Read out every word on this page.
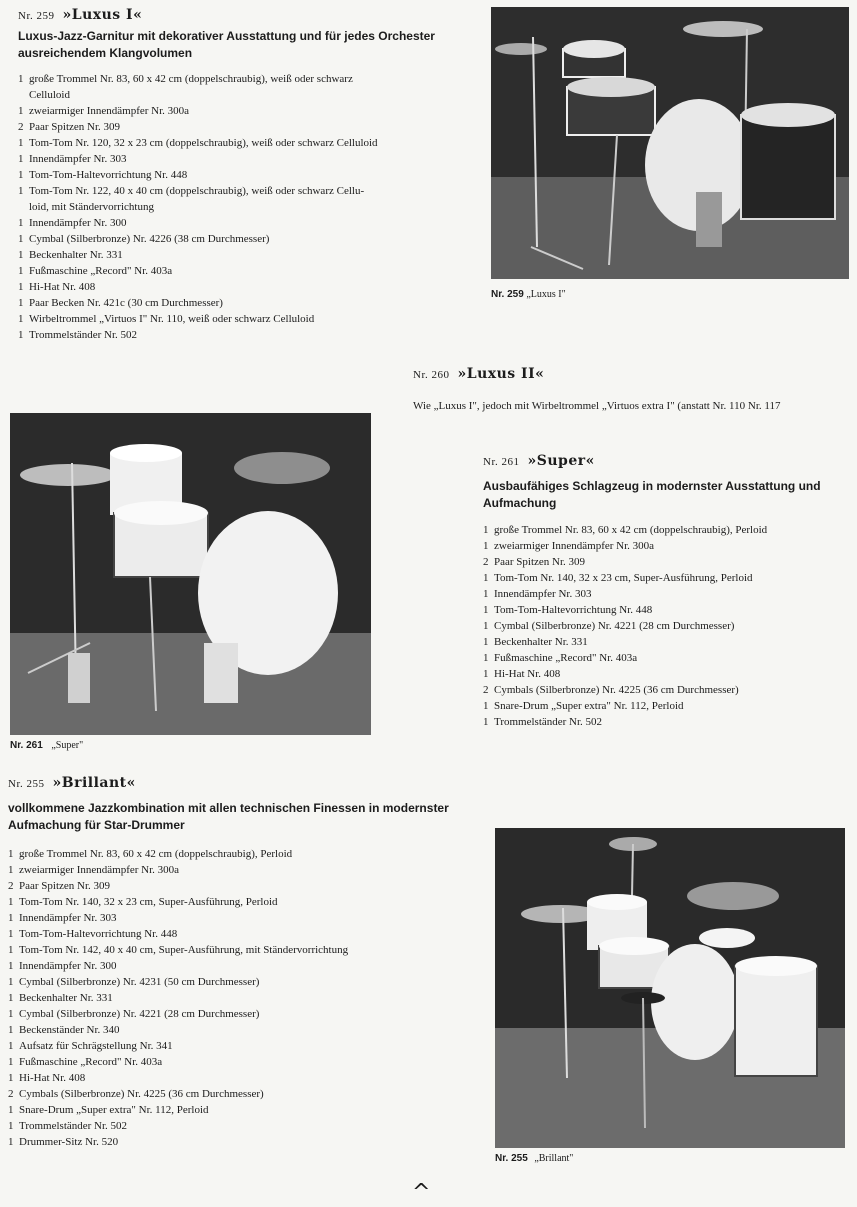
Nr. 259 »Luxus I«
Luxus-Jazz-Garnitur mit dekorativer Ausstattung und für jedes Orchester ausreichendem Klangvolumen
1 große Trommel Nr. 83, 60 x 42 cm (doppelschraubig), weiß oder schwarz
Celluloid
1 zweiarmiger Innendämpfer Nr. 300a
2 Paar Spitzen Nr. 309
1 Tom-Tom Nr. 120, 32 x 23 cm (doppelschraubig), weiß oder schwarz Celluloid
1 Innendämpfer Nr. 303
1 Tom-Tom-Haltevorrichtung Nr. 448
1 Tom-Tom Nr. 122, 40 x 40 cm (doppelschraubig), weiß oder schwarz Cellu-
loid, mit Ständervorrichtung
1 Innendämpfer Nr. 300
1 Cymbal (Silberbronze) Nr. 4226 (38 cm Durchmesser)
1 Beckenhalter Nr. 331
1 Fußmaschine „Record" Nr. 403a
1 Hi-Hat Nr. 408
1 Paar Becken Nr. 421c (30 cm Durchmesser)
1 Wirbeltrommel „Virtuos I" Nr. 110, weiß oder schwarz Celluloid
1 Trommelständer Nr. 502
Nr. 259 „Luxus I"
Nr. 260 »Luxus II«
Wie „Luxus I", jedoch mit Wirbeltrommel „Virtuos extra I" (anstatt Nr. 110 Nr. 117
Nr. 261 „Super"
Nr. 261 »Super«
Ausbaufähiges Schlagzeug in modernster Ausstattung und Aufmachung
1 große Trommel Nr. 83, 60 x 42 cm (doppelschraubig), Perloid
1 zweiarmiger Innendämpfer Nr. 300a
2 Paar Spitzen Nr. 309
1 Tom-Tom Nr. 140, 32 x 23 cm, Super-Ausführung, Perloid
1 Innendämpfer Nr. 303
1 Tom-Tom-Haltevorrichtung Nr. 448
1 Cymbal (Silberbronze) Nr. 4221 (28 cm Durchmesser)
1 Beckenhalter Nr. 331
1 Fußmaschine „Record" Nr. 403a
1 Hi-Hat Nr. 408
2 Cymbals (Silberbronze) Nr. 4225 (36 cm Durchmesser)
1 Snare-Drum „Super extra" Nr. 112, Perloid
1 Trommelständer Nr. 502
Nr. 255 »Brillant«
vollkommene Jazzkombination mit allen technischen Finessen in modernster Aufmachung für Star-Drummer
1 große Trommel Nr. 83, 60 x 42 cm (doppelschraubig), Perloid
1 zweiarmiger Innendämpfer Nr. 300a
2 Paar Spitzen Nr. 309
1 Tom-Tom Nr. 140, 32 x 23 cm, Super-Ausführung, Perloid
1 Innendämpfer Nr. 303
1 Tom-Tom-Haltevorrichtung Nr. 448
1 Tom-Tom Nr. 142, 40 x 40 cm, Super-Ausführung, mit Ständervorrichtung
1 Innendämpfer Nr. 300
1 Cymbal (Silberbronze) Nr. 4231 (50 cm Durchmesser)
1 Beckenhalter Nr. 331
1 Cymbal (Silberbronze) Nr. 4221 (28 cm Durchmesser)
1 Beckenständer Nr. 340
1 Aufsatz für Schrägstellung Nr. 341
1 Fußmaschine „Record" Nr. 403a
1 Hi-Hat Nr. 408
2 Cymbals (Silberbronze) Nr. 4225 (36 cm Durchmesser)
1 Snare-Drum „Super extra" Nr. 112, Perloid
1 Trommelständer Nr. 502
1 Drummer-Sitz Nr. 520
Nr. 255 „Brillant"
^
